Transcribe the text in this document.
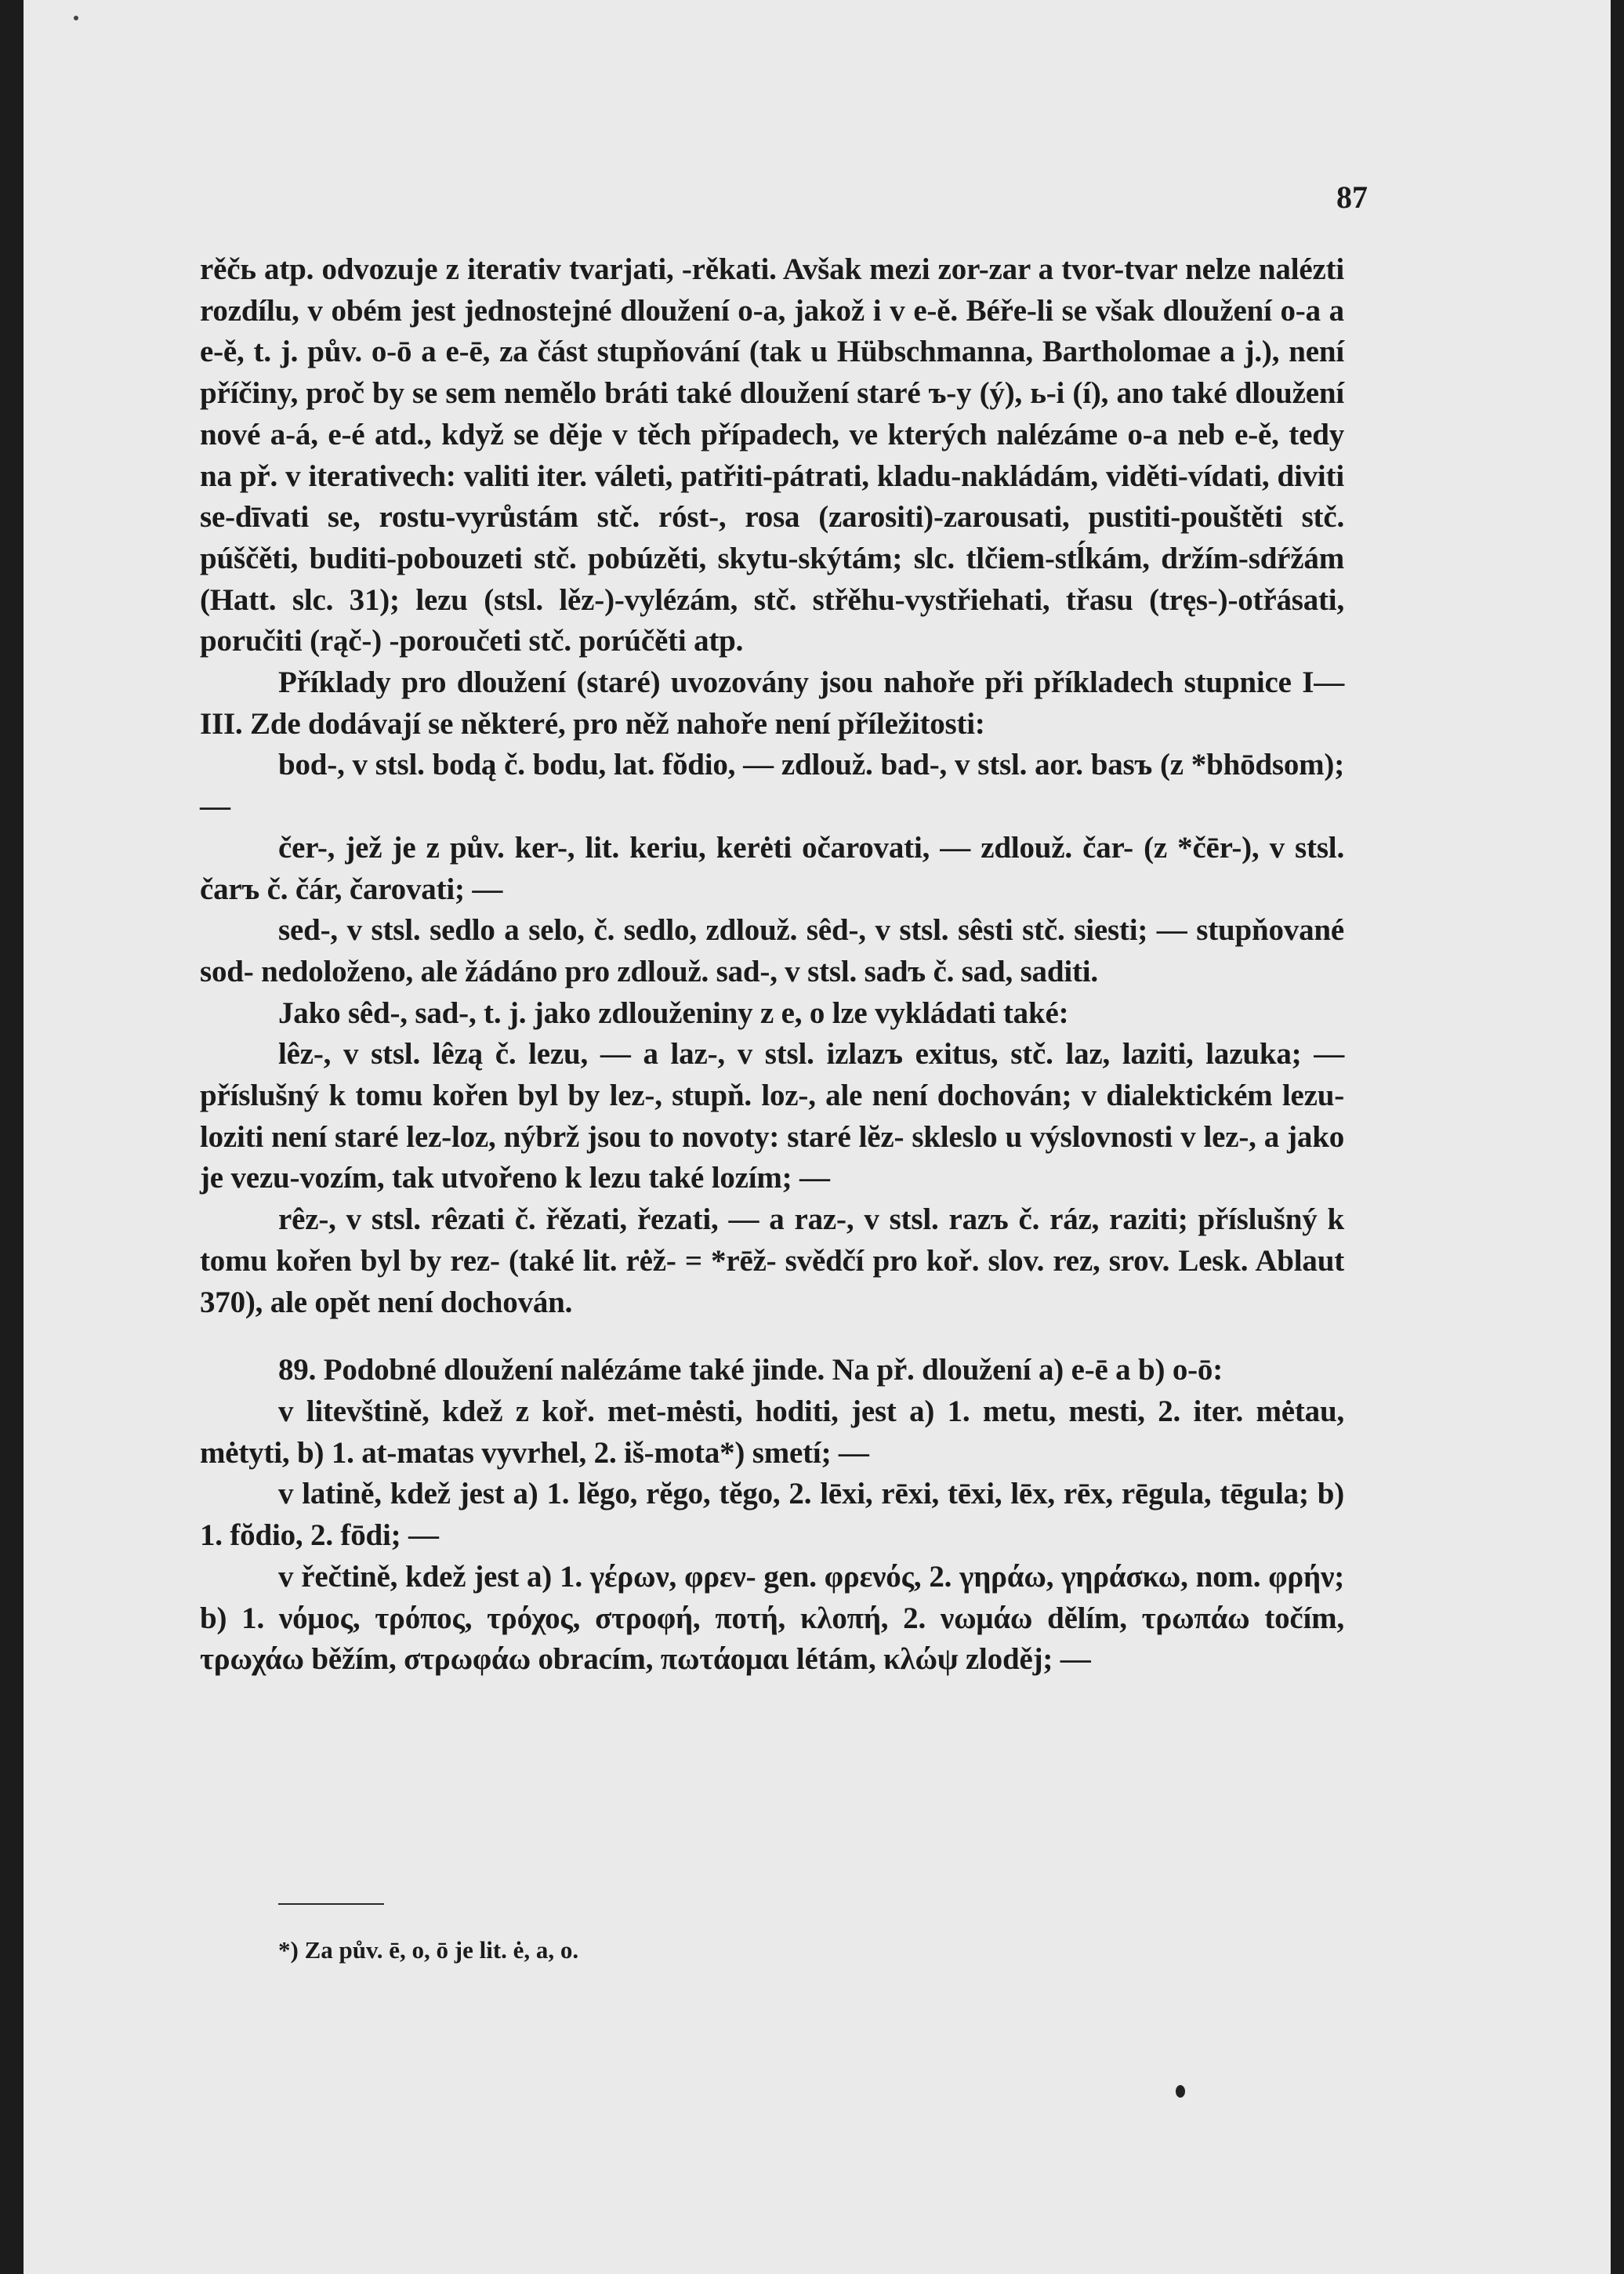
87

rěčь atp. odvozuje z iterativ tvarjati, -rěkati. Avšak mezi zor-zar a tvor-tvar nelze nalézti rozdílu, v obém jest jednostejné dloužení o-a, jakož i v e-ě. Béře-li se však dloužení o-a a e-ě, t. j. pův. o-ō a e-ē, za část stupňování (tak u Hübschmanna, Bartholomae a j.), není příčiny, proč by se sem nemělo bráti také dloužení staré ъ-y (ý), ь-i (í), ano také dloužení nové a-á, e-é atd., když se děje v těch případech, ve kterých nalézáme o-a neb e-ě, tedy na př. v iterativech: valiti iter. váleti, patřiti-pátrati, kladu-nakládám, viděti-vídati, diviti se-dīvati se, rostu-vyrůstám stč. róst-, rosa (zarositi)-zarousati, pustiti-pouštěti stč. púščěti, buditi-pobouzeti stč. pobúzěti, skytu-skýtám; slc. tlčiem-stĺkám, držím-sdŕžám (Hatt. slc. 31); lezu (stsl. lěz-)-vylézám, stč. střěhu-vystřiehati, třasu (tręs-)-otřásati, poručiti (rąč-) -poroučeti stč. porúčěti atp.

Příklady pro dloužení (staré) uvozovány jsou nahoře při příkladech stupnice I—III. Zde dodávají se některé, pro něž nahoře není příležitosti:

bod-, v stsl. bodą č. bodu, lat. fŏdio, — zdlouž. bad-, v stsl. aor. basъ (z *bhōdsom); —

čer-, jež je z pův. ker-, lit. keriu, kerėti očarovati, — zdlouž. čar- (z *čēr-), v stsl. čarъ č. čár, čarovati; —

sed-, v stsl. sedlo a selo, č. sedlo, zdlouž. sêd-, v stsl. sêsti stč. siesti; — stupňované sod- nedoloženo, ale žádáno pro zdlouž. sad-, v stsl. sadъ č. sad, saditi.

Jako sêd-, sad-, t. j. jako zdlouženiny z e, o lze vykládati také:

lêz-, v stsl. lêzą č. lezu, — a laz-, v stsl. izlazъ exitus, stč. laz, laziti, lazuka; — příslušný k tomu kořen byl by lez-, stupň. loz-, ale není dochován; v dialektickém lezu-loziti není staré lez-loz, nýbrž jsou to novoty: staré lĕz- skleslo u výslovnosti v lez-, a jako je vezu-vozím, tak utvořeno k lezu také lozím; —

rêz-, v stsl. rêzati č. řězati, řezati, — a raz-, v stsl. razъ č. ráz, raziti; příslušný k tomu kořen byl by rez- (také lit. rėž- = *rēž- svědčí pro koř. slov. rez, srov. Lesk. Ablaut 370), ale opět není dochován.

89. Podobné dloužení nalézáme také jinde. Na př. dloužení a) e-ē a b) o-ō:

v litevštině, kdež z koř. met-mėsti, hoditi, jest a) 1. metu, mesti, 2. iter. mėtau, mėtyti, b) 1. at-matas vyvrhel, 2. iš-mota*) smetí; —

v latině, kdež jest a) 1. lĕgo, rĕgo, tĕgo, 2. lēxi, rēxi, tēxi, lēx, rēx, rēgula, tēgula; b) 1. fŏdio, 2. fōdi; —

v řečtině, kdež jest a) 1. γέρων, φρεν- gen. φρενός, 2. γηράω, γηράσκω, nom. φρήν; b) 1. νόμος, τρόπος, τρόχος, στροφή, ποτή, κλοπή, 2. νωμάω dělím, τρωπάω točím, τρωχάω běžím, στρωφάω obracím, πωτάομαι létám, κλώψ zloděj; —

*) Za pův. ē, o, ō je lit. ė, a, o.
